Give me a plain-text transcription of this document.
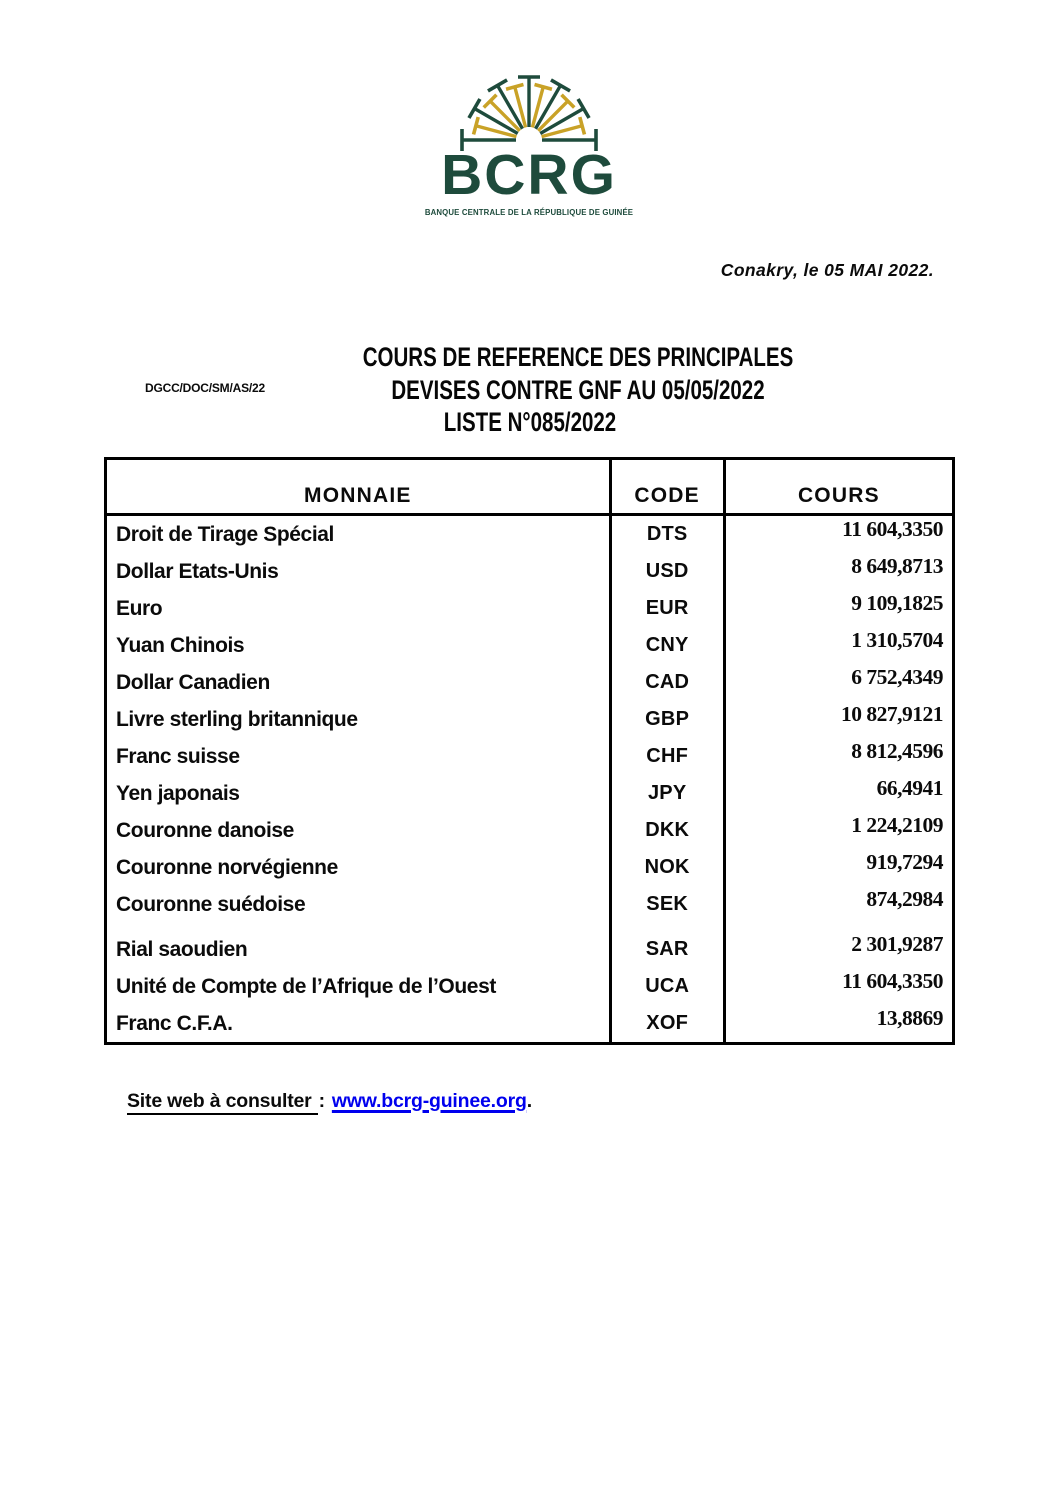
BCRG
BANQUE CENTRALE DE LA RÉPUBLIQUE DE GUINÉE
Conakry, le 05 MAI 2022.
DGCC/DOC/SM/AS/22
COURS DE REFERENCE DES PRINCIPALES
DEVISES CONTRE GNF AU 05/05/2022
LISTE N°085/2022
MONNAIE	CODE	COURS
Droit de Tirage Spécial	DTS	11 604,3350
Dollar Etats-Unis	USD	8 649,8713
Euro	EUR	9 109,1825
Yuan Chinois	CNY	1 310,5704
Dollar Canadien	CAD	6 752,4349
Livre sterling britannique	GBP	10 827,9121
Franc suisse	CHF	8 812,4596
Yen japonais	JPY	66,4941
Couronne danoise	DKK	1 224,2109
Couronne norvégienne	NOK	919,7294
Couronne suédoise	SEK	874,2984
Rial saoudien	SAR	2 301,9287
Unité de Compte de l’Afrique de l’Ouest	UCA	11 604,3350
Franc C.F.A.	XOF	13,8869
Site web à consulter : www.bcrg-guinee.org.
